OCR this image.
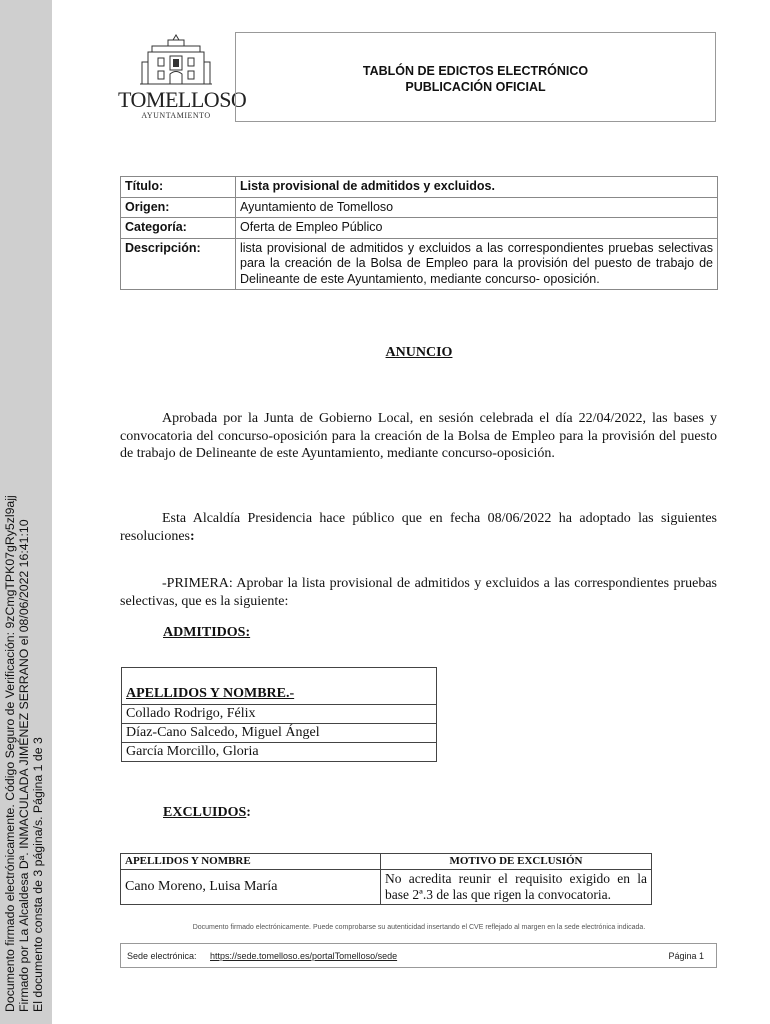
Documento firmado electrónicamente. Código Seguro de Verificación: 9zCmgTPK07gRy5zl9ajj Firmado por La Alcaldesa Dª. INMACULADA JIMÉNEZ SERRANO el 08/06/2022 16:41:10 El documento consta de 3 página/s. Página 1 de 3
TOMELLOSO
AYUNTAMIENTO
TABLÓN DE EDICTOS ELECTRÓNICO
PUBLICACIÓN OFICIAL
Título:	Lista provisional de admitidos y excluidos.
Origen:	Ayuntamiento de Tomelloso
Categoría:	Oferta de Empleo Público
Descripción:	lista provisional de admitidos y excluidos a las correspondientes pruebas selectivas para la creación de la Bolsa de Empleo para la provisión del puesto de trabajo de Delineante de este Ayuntamiento, mediante concurso- oposición.
ANUNCIO
Aprobada por la Junta de Gobierno Local, en sesión celebrada el día 22/04/2022, las bases y convocatoria del concurso-oposición para la creación de la Bolsa de Empleo para la provisión del puesto de trabajo de Delineante de este Ayuntamiento, mediante concurso-oposición.
Esta Alcaldía Presidencia hace público que en fecha 08/06/2022 ha adoptado las siguientes resoluciones:
-PRIMERA: Aprobar la lista provisional de admitidos y excluidos a las correspondientes pruebas selectivas, que es la siguiente:
ADMITIDOS:
APELLIDOS Y NOMBRE.-
Collado Rodrigo, Félix
Díaz-Cano Salcedo, Miguel Ángel
García Morcillo, Gloria
EXCLUIDOS:
APELLIDOS Y NOMBRE	MOTIVO DE EXCLUSIÓN
Cano Moreno, Luisa María	No acredita reunir el requisito exigido en la base 2ª.3 de las que rigen la convocatoria.
Documento firmado electrónicamente. Puede comprobarse su autenticidad insertando el CVE reflejado al margen en la sede electrónica indicada.
Sede electrónica: https://sede.tomelloso.es/portalTomelloso/sede	Página 1
